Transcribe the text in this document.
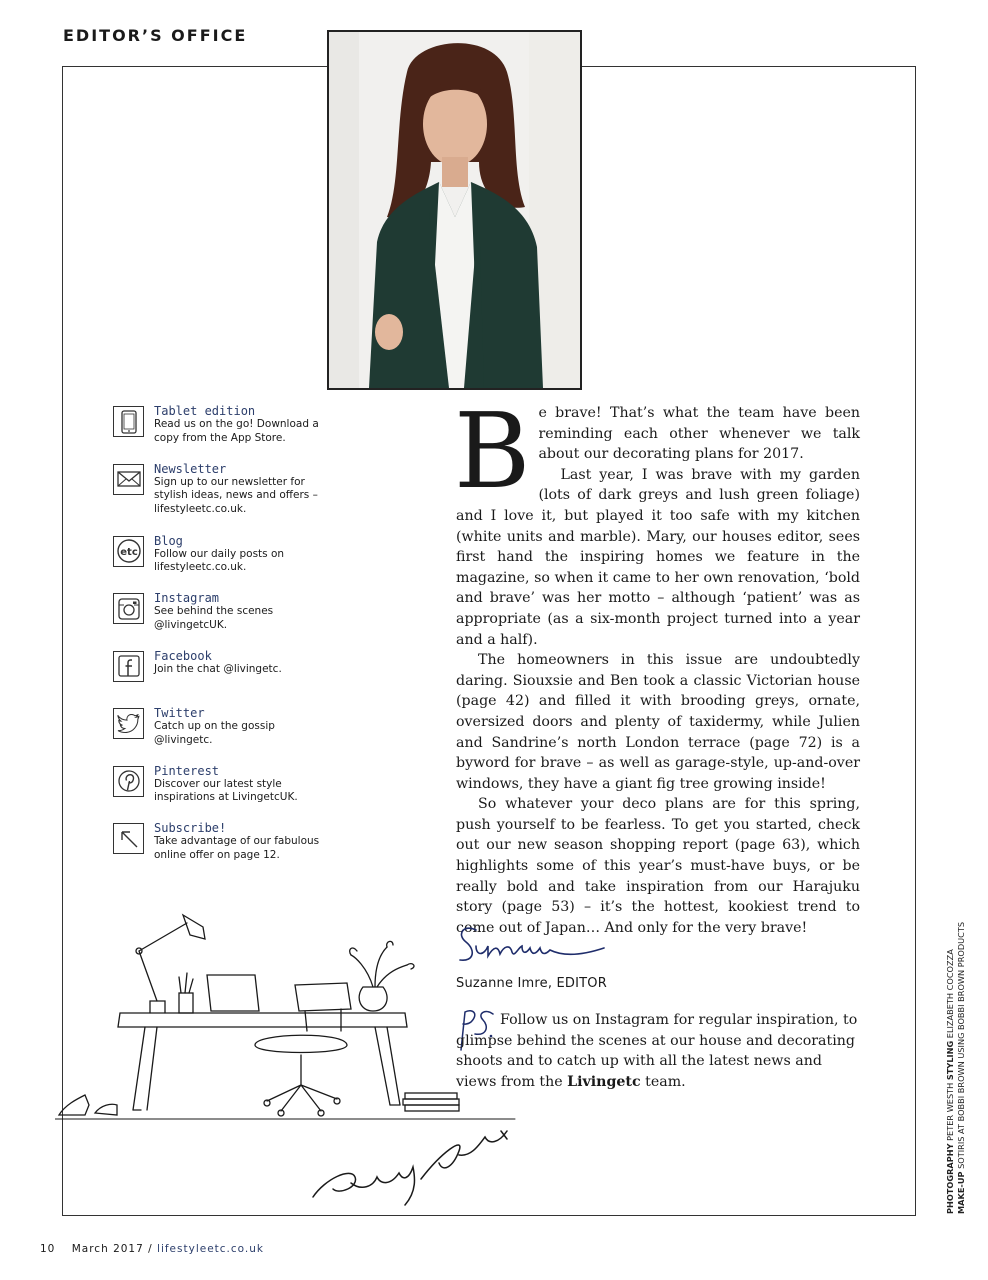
EDITOR’S OFFICE
Tablet edition
Read us on the go! Download a copy from the App Store.
Newsletter
Sign up to our newsletter for stylish ideas, news and offers – lifestyleetc.co.uk.
etc
Blog
Follow our daily posts on lifestyleetc.co.uk.
Instagram
See behind the scenes @livingetcUK.
Facebook
Join the chat @livingetc.
Twitter
Catch up on the gossip @livingetc.
Pinterest
Discover our latest style inspirations at LivingetcUK.
Subscribe!
Take advantage of our fabulous online offer on page 12.
B e brave! That’s what the team have been reminding each other whenever we talk about our decorating plans for 2017.

Last year, I was brave with my garden (lots of dark greys and lush green foliage) and I love it, but played it too safe with my kitchen (white units and marble). Mary, our houses editor, sees first hand the inspiring homes we feature in the magazine, so when it came to her own renovation, ‘bold and brave’ was her motto – although ‘patient’ was as appropriate (as a six-month project turned into a year and a half).

The homeowners in this issue are undoubtedly daring. Siouxsie and Ben took a classic Victorian house (page 42) and filled it with brooding greys, ornate, oversized doors and plenty of taxidermy, while Julien and Sandrine’s north London terrace (page 72) is a byword for brave – as well as garage-style, up-and-over windows, they have a giant fig tree growing inside!

So whatever your deco plans are for this spring, push yourself to be fearless. To get you started, check out our new season shopping report (page 63), which highlights some of this year’s must-have buys, or be really bold and take inspiration from our Harajuku story (page 53) – it’s the hottest, kookiest trend to come out of Japan… And only for the very brave!

Suzanne Imre, EDITOR

Follow us on Instagram for regular inspiration, to glimpse behind the scenes at our house and decorating shoots and to catch up with all the latest news and views from the Livingetc team.

Rory Sobner.	PHOTOGRAPHY PETER WESTH STYLING ELIZABETH COCOZZA
MAKE-UP SOTIRIS AT BOBBI BROWN USING BOBBI BROWN PRODUCTS
10 March 2017 / lifestyleetc.co.uk
